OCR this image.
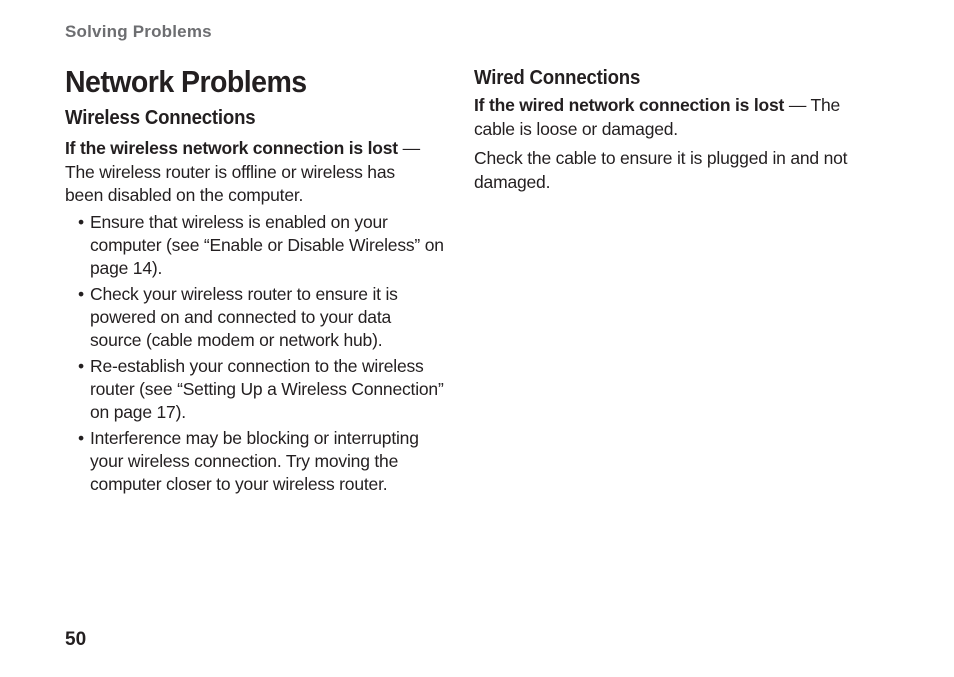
Solving Problems
Network Problems
Wireless Connections

If the wireless network connection is lost — The wireless router is offline or wireless has been disabled on the computer.

• Ensure that wireless is enabled on your computer (see “Enable or Disable Wireless” on page 14).
• Check your wireless router to ensure it is powered on and connected to your data source (cable modem or network hub).
• Re-establish your connection to the wireless router (see “Setting Up a Wireless Connection” on page 17).
• Interference may be blocking or interrupting your wireless connection. Try moving the computer closer to your wireless router.
Wired Connections

If the wired network connection is lost — The cable is loose or damaged.

Check the cable to ensure it is plugged in and not damaged.

50
